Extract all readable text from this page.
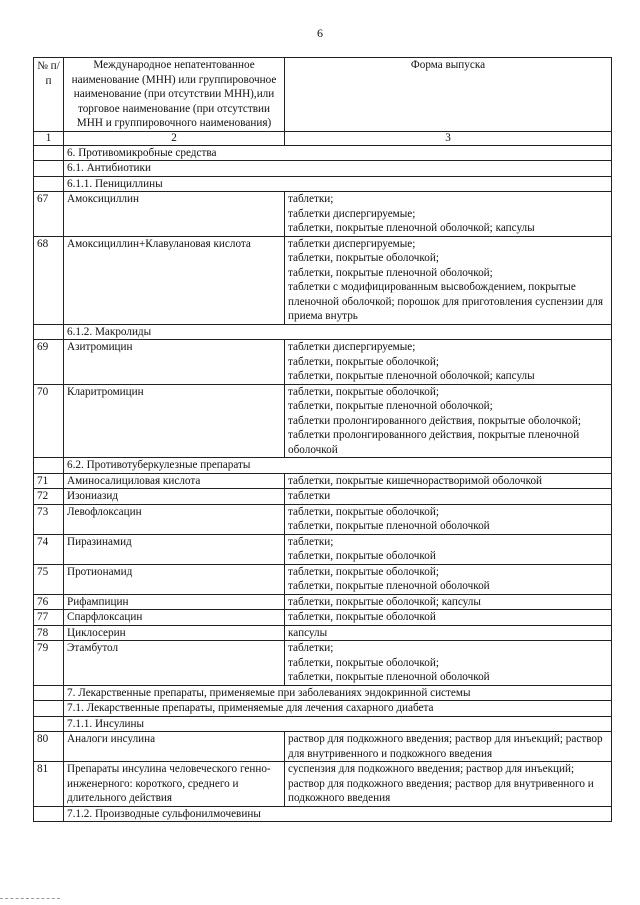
6
№ п/п	Международное непатентованное наименование (МНН) или группировочное наименование (при отсутствии МНН),или торговое наименование (при отсутствии МНН и группировочного наименования)	Форма выпуска
1	2	3
	6. Противомикробные средства	
	6.1. Антибиотики	
	6.1.1. Пенициллины	
67	Амоксициллин	таблетки;
таблетки диспергируемые;
таблетки, покрытые пленочной оболочкой; капсулы

68	Амоксициллин+Клавулановая кислота	таблетки диспергируемые;
таблетки, покрытые оболочкой;
таблетки, покрытые пленочной оболочкой;
таблетки с модифицированным высвобождением, покрытые пленочной оболочкой; порошок для приготовления суспензии для приема внутрь

	6.1.2. Макролиды	
69	Азитромицин	таблетки диспергируемые;
таблетки, покрытые оболочкой;
таблетки, покрытые пленочной оболочкой; капсулы

70	Кларитромицин	таблетки, покрытые оболочкой;
таблетки, покрытые пленочной оболочкой;
таблетки пролонгированного действия, покрытые оболочкой;
таблетки пролонгированного действия, покрытые пленочной оболочкой

	6.2. Противотуберкулезные препараты	
71	Аминосалициловая кислота	таблетки, покрытые кишечнорастворимой оболочкой

72	Изониазид	таблетки

73	Левофлоксацин	таблетки, покрытые оболочкой;
таблетки, покрытые пленочной оболочкой

74	Пиразинамид	таблетки;
таблетки, покрытые оболочкой

75	Протионамид	таблетки, покрытые оболочкой;
таблетки, покрытые пленочной оболочкой

76	Рифампицин	таблетки, покрытые оболочкой; капсулы

77	Спарфлоксацин	таблетки, покрытые оболочкой

78	Циклосерин	капсулы

79	Этамбутол	таблетки;
таблетки, покрытые оболочкой;
таблетки, покрытые пленочной оболочкой

	7. Лекарственные препараты, применяемые при заболеваниях эндокринной системы	
	7.1. Лекарственные препараты, применяемые для лечения сахарного диабета	
	7.1.1. Инсулины	
80	Аналоги инсулина	раствор для подкожного введения; раствор для инъекций; раствор для внутривенного и подкожного введения

81	Препараты инсулина человеческого генно-инженерного: короткого, среднего и длительного действия	суспензия для подкожного введения; раствор для инъекций; раствор для подкожного введения; раствор для внутривенного и подкожного введения

	7.1.2. Производные сульфонилмочевины	
